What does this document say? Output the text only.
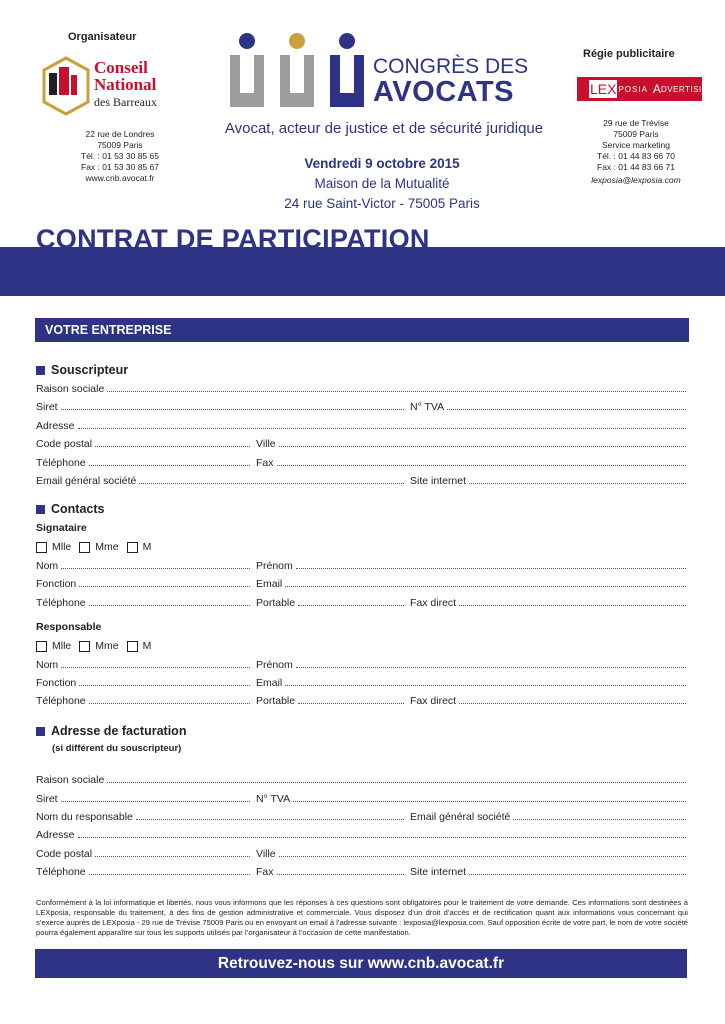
Organisateur
Conseil
National
des Barreaux
22 rue de Londres
75009 Paris
Tél. : 01 53 30 85 65
Fax : 01 53 30 85 67
www.cnb.avocat.fr
CONGRÈS DES
AVOCATS
Avocat, acteur de justice et de sécurité juridique
Vendredi 9 octobre 2015
Maison de la Mutualité
24 rue Saint-Victor - 75005 Paris
Régie publicitaire
LEX POSIA A DVERTISING
29 rue de Trévise
75009 Paris
Service marketing
Tél. : 01 44 83 66 70
Fax : 01 44 83 66 71
lexposia@lexposia.com
CONTRAT DE PARTICIPATION
VOTRE ENTREPRISE
Souscripteur
Raison sociale
Siret	N° TVA
Adresse
Code postal	Ville
Téléphone	Fax
Email général société	Site internet
Contacts
Signataire
Mlle Mme M
Nom	Prénom
Fonction	Email
Téléphone	Portable	Fax direct
Responsable
Mlle Mme M
Nom	Prénom
Fonction	Email
Téléphone	Portable	Fax direct
Adresse de facturation
(si différent du souscripteur)
Raison sociale
Siret	N° TVA
Nom du responsable	Email général société
Adresse
Code postal	Ville
Téléphone	Fax	Site internet
Conformément à la loi informatique et libertés, nous vous informons que les réponses à ces questions sont obligatoires pour le traitement de votre demande. Ces informations sont destinées à LEXposia, responsable du traitement, à des fins de gestion administrative et commerciale. Vous disposez d’un droit d’accès et de rectification quant aux informations vous concernant qui s’exerce auprès de LEXposia - 29 rue de Trévise 75009 Paris ou en envoyant un email à l’adresse suivante : lexposia@lexposia.com. Sauf opposition écrite de votre part, le nom de votre société pourra également apparaître sur tous les supports utilisés par l’organisateur à l’occasion de cette manifestation.
Retrouvez-nous sur www.cnb.avocat.fr
